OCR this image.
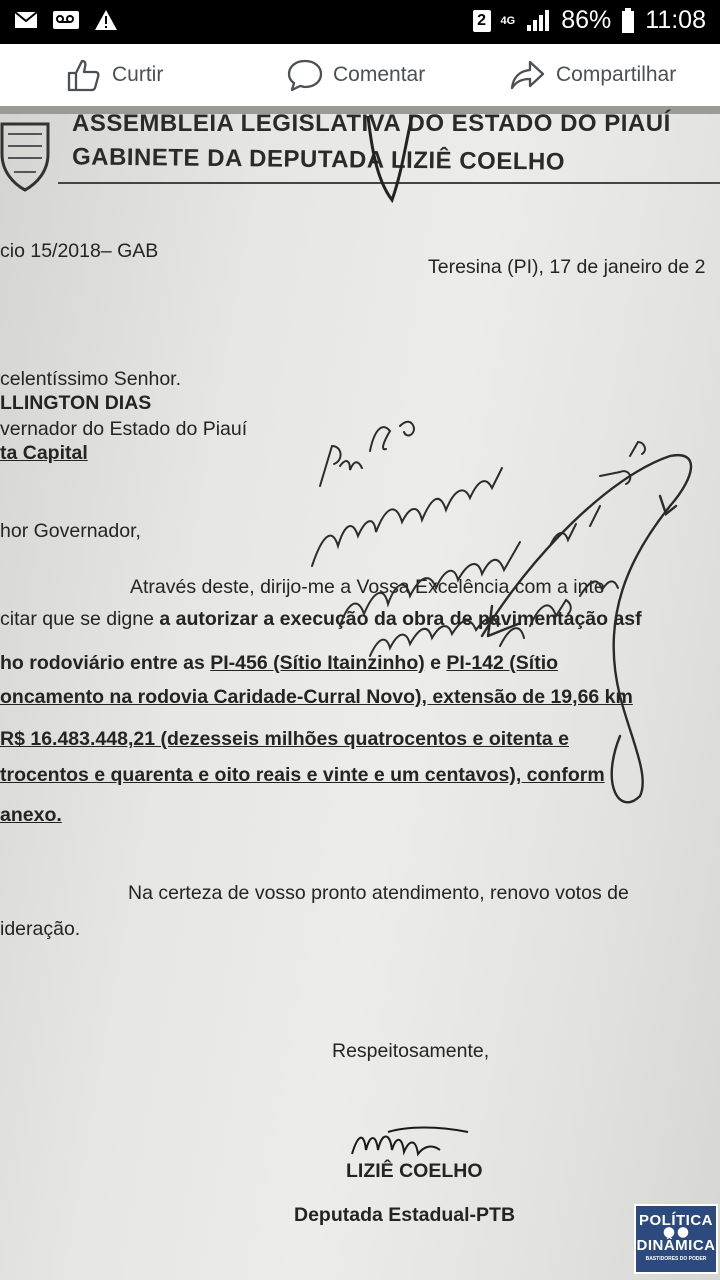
2	4G 86% 11:08
Curtir	Comentar	Compartilhar
ASSEMBLEIA LEGISLATIVA DO ESTADO DO PIAUÍ
GABINETE DA DEPUTADA LIZIÊ COELHO
cio 15/2018– GAB
Teresina (PI), 17 de janeiro de 2
celentíssimo Senhor.
LLINGTON DIAS
vernador do Estado do Piauí
ta Capital
hor Governador,
Através deste, dirijo-me a Vossa Excelência com a inte
citar que se digne a autorizar a execução da obra de pavimentação asf
ho rodoviário entre as PI-456 (Sítio Itainzinho) e PI-142 (Sítio
oncamento na rodovia Caridade-Curral Novo), extensão de 19,66 km
R$ 16.483.448,21 (dezesseis milhões quatrocentos e oitenta e
trocentos e quarenta e oito reais e vinte e um centavos), conform
anexo.
Na certeza de vosso pronto atendimento, renovo votos de
ideração.
Respeitosamente,
LIZIÊ COELHO
Deputada Estadual-PTB	POLÍTICA
⬤ ⬤
DINÂMICA
BASTIDORES DO PODER
